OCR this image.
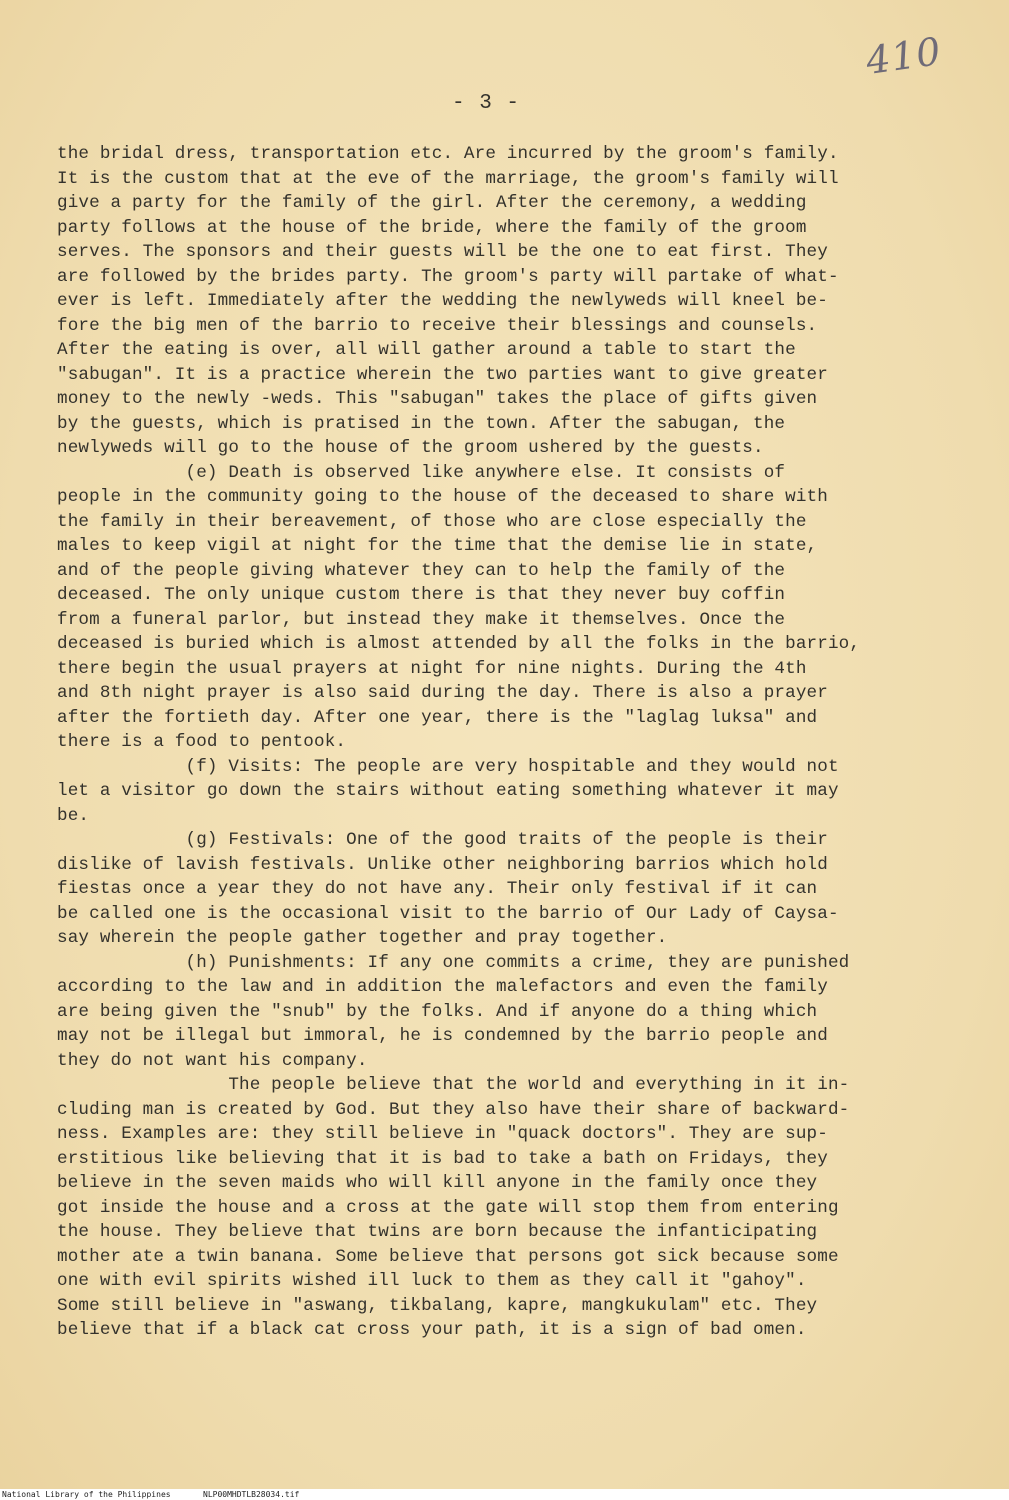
410
- 3 -
the bridal dress, transportation etc. Are incurred by the groom's family.
It is the custom that at the eve of the marriage, the groom's family will
give a party for the family of the girl. After the ceremony, a wedding
party follows at the house of the bride, where the family of the groom
serves. The sponsors and their guests will be the one to eat first. They
are followed by the brides party. The groom's party will partake of what-
ever is left. Immediately after the wedding the newlyweds will kneel be-
fore the big men of the barrio to receive their blessings and counsels.
After the eating is over, all will gather around a table to start the
"sabugan". It is a practice wherein the two parties want to give greater
money to the newly -weds. This "sabugan" takes the place of gifts given
by the guests, which is pratised in the town. After the sabugan, the
newlyweds will go to the house of the groom ushered by the guests.
(e) Death is observed like anywhere else. It consists of
people in the community going to the house of the deceased to share with
the family in their bereavement, of those who are close especially the
males to keep vigil at night for the time that the demise lie in state,
and of the people giving whatever they can to help the family of the
deceased. The only unique custom there is that they never buy coffin
from a funeral parlor, but instead they make it themselves. Once the
deceased is buried which is almost attended by all the folks in the barrio,
there begin the usual prayers at night for nine nights. During the 4th
and 8th night prayer is also said during the day. There is also a prayer
after the fortieth day. After one year, there is the "laglag luksa" and
there is a food to pentook.
(f) Visits: The people are very hospitable and they would not
let a visitor go down the stairs without eating something whatever it may
be.
(g) Festivals: One of the good traits of the people is their
dislike of lavish festivals. Unlike other neighboring barrios which hold
fiestas once a year they do not have any. Their only festival if it can
be called one is the occasional visit to the barrio of Our Lady of Caysa-
say wherein the people gather together and pray together.
(h) Punishments: If any one commits a crime, they are punished
according to the law and in addition the malefactors and even the family
are being given the "snub" by the folks. And if anyone do a thing which
may not be illegal but immoral, he is condemned by the barrio people and
they do not want his company.
The people believe that the world and everything in it in-
cluding man is created by God. But they also have their share of backward-
ness. Examples are: they still believe in "quack doctors". They are sup-
erstitious like believing that it is bad to take a bath on Fridays, they
believe in the seven maids who will kill anyone in the family once they
got inside the house and a cross at the gate will stop them from entering
the house. They believe that twins are born because the infanticipating
mother ate a twin banana. Some believe that persons got sick because some
one with evil spirits wished ill luck to them as they call it "gahoy".
Some still believe in "aswang, tikbalang, kapre, mangkukulam" etc. They
believe that if a black cat cross your path, it is a sign of bad omen.
National Library of the Philippines	NLP00MHDTLB28034.tif
